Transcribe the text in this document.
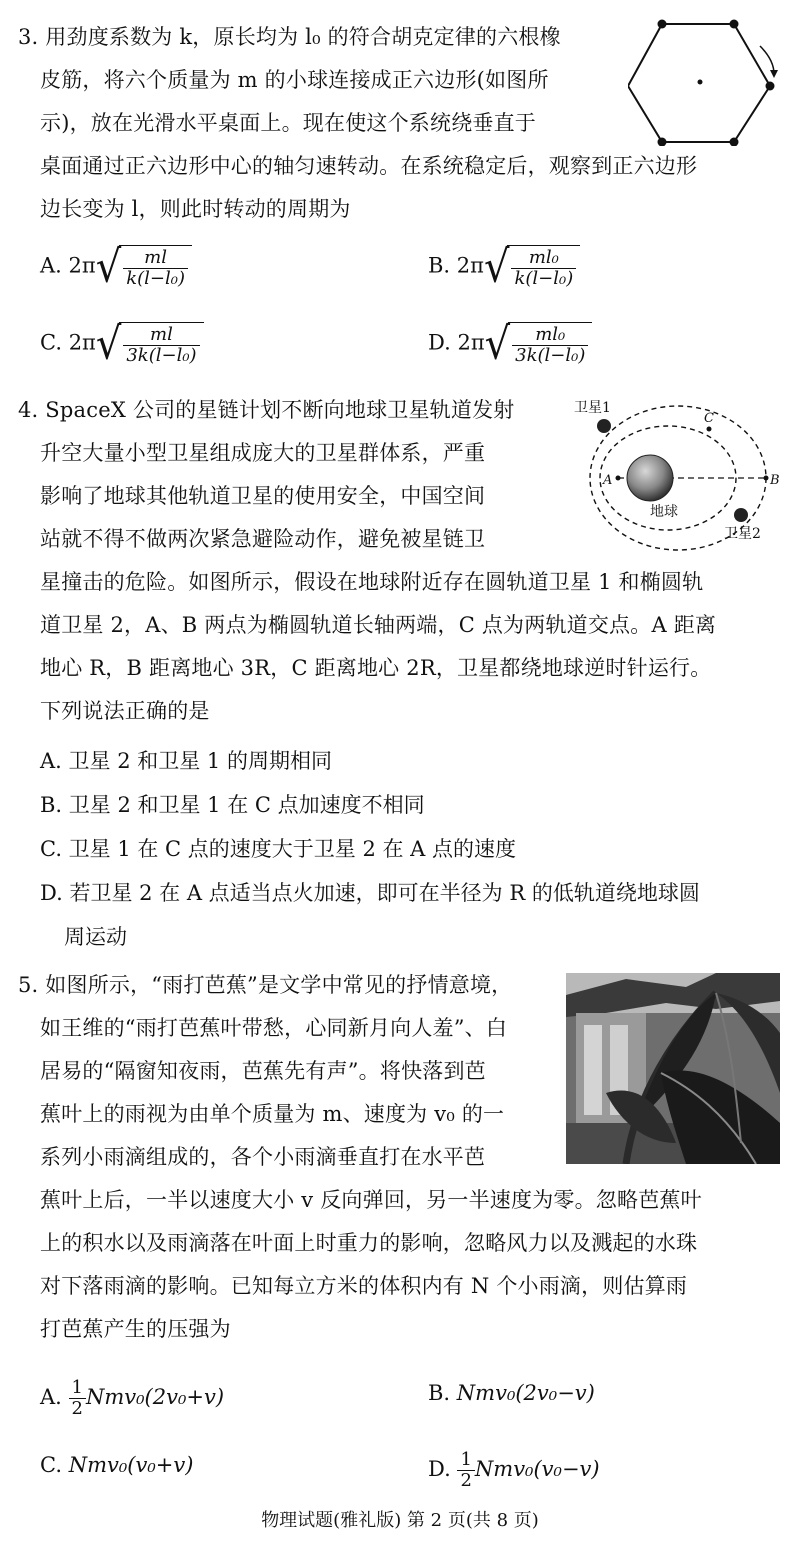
3. 用劲度系数为 k，原长均为 l₀ 的符合胡克定律的六根橡
皮筋，将六个质量为 m 的小球连接成正六边形(如图所
示)，放在光滑水平桌面上。现在使这个系统绕垂直于
桌面通过正六边形中心的轴匀速转动。在系统稳定后，观察到正六边形
边长变为 l，则此时转动的周期为
A. $2\pi√ \frac{ml}{\text{k(l−l₀)}}$	B. $2\pi√ \frac{\text{ml₀}}{\text{k(l−l₀)}}$
C. $2\pi√ \frac{ml}{\text{3k(l−l₀)}}$	D. $2\pi√ \frac{\text{ml₀}}{\text{3k(l−l₀)}}$
4. SpaceX 公司的星链计划不断向地球卫星轨道发射
升空大量小型卫星组成庞大的卫星群体系，严重
影响了地球其他轨道卫星的使用安全，中国空间
站就不得不做两次紧急避险动作，避免被星链卫
星撞击的危险。如图所示，假设在地球附近存在圆轨道卫星 1 和椭圆轨
道卫星 2，A、B 两点为椭圆轨道长轴两端，C 点为两轨道交点。A 距离
地心 R，B 距离地心 3R，C 距离地心 2R，卫星都绕地球逆时针运行。
下列说法正确的是
卫星1
卫星2
地球
A	B
C
A. 卫星 2 和卫星 1 的周期相同
B. 卫星 2 和卫星 1 在 C 点加速度不相同
C. 卫星 1 在 C 点的速度大于卫星 2 在 A 点的速度
D. 若卫星 2 在 A 点适当点火加速，即可在半径为 R 的低轨道绕地球圆
周运动
5. 如图所示，“雨打芭蕉”是文学中常见的抒情意境，
如王维的“雨打芭蕉叶带愁，心同新月向人羞”、白
居易的“隔窗知夜雨，芭蕉先有声”。将快落到芭
蕉叶上的雨视为由单个质量为 m、速度为 v₀ 的一
系列小雨滴组成的，各个小雨滴垂直打在水平芭
蕉叶上后，一半以速度大小 v 反向弹回，另一半速度为零。忽略芭蕉叶
上的积水以及雨滴落在叶面上时重力的影响，忽略风力以及溅起的水珠
对下落雨滴的影响。已知每立方米的体积内有 N 个小雨滴，则估算雨
打芭蕉产生的压强为
A. $\frac{1}{2} Nmv_0(2v_0+v)$	B. Nmv₀(2v₀−v)
C. Nmv₀(v₀+v)	D. $\frac{1}{2} Nmv_0(v_0-v)$
物理试题(雅礼版) 第 2 页(共 8 页)
